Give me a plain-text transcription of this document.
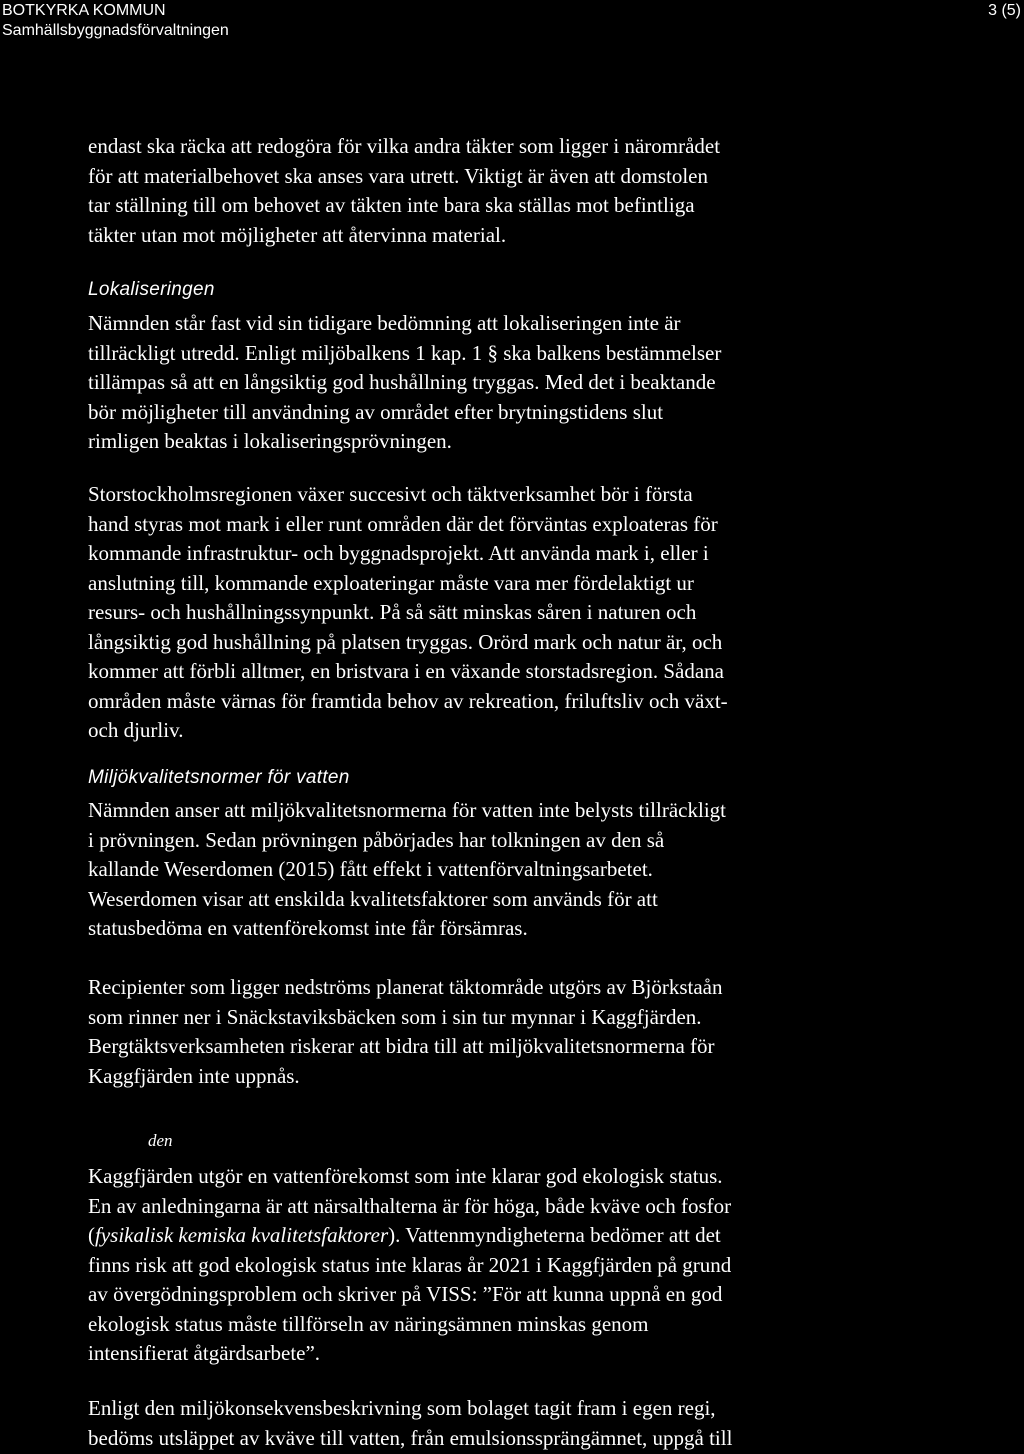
BOTKYRKA KOMMUN
Samhällsbyggnadsförvaltningen
3 (5)

endast ska räcka att redogöra för vilka andra täkter som ligger i närområdet
för att materialbehovet ska anses vara utrett. Viktigt är även att domstolen
tar ställning till om behovet av täkten inte bara ska ställas mot befintliga
täkter utan mot möjligheter att återvinna material.

Lokaliseringen

Nämnden står fast vid sin tidigare bedömning att lokaliseringen inte är
tillräckligt utredd. Enligt miljöbalkens 1 kap. 1 § ska balkens bestämmelser
tillämpas så att en långsiktig god hushållning tryggas. Med det i beaktande
bör möjligheter till användning av området efter brytningstidens slut
rimligen beaktas i lokaliseringsprövningen.

Storstockholmsregionen växer succesivt och täktverksamhet bör i första
hand styras mot mark i eller runt områden där det förväntas exploateras för
kommande infrastruktur- och byggnadsprojekt. Att använda mark i, eller i
anslutning till, kommande exploateringar måste vara mer fördelaktigt ur
resurs- och hushållningssynpunkt. På så sätt minskas såren i naturen och
långsiktig god hushållning på platsen tryggas. Orörd mark och natur är, och
kommer att förbli alltmer, en bristvara i en växande storstadsregion. Sådana
områden måste värnas för framtida behov av rekreation, friluftsliv och växt-
och djurliv.

Miljökvalitetsnormer för vatten

Nämnden anser att miljökvalitetsnormerna för vatten inte belysts tillräckligt
i prövningen. Sedan prövningen påbörjades har tolkningen av den så
kallande Weserdomen (2015) fått effekt i vattenförvaltningsarbetet.
Weserdomen visar att enskilda kvalitetsfaktorer som används för att
statusbedöma en vattenförekomst inte får försämras.

Recipienter som ligger nedströms planerat täktområde utgörs av Björkstaån
som rinner ner i Snäckstaviksbäcken som i sin tur mynnar i Kaggfjärden.
Bergtäktsverksamheten riskerar att bidra till att miljökvalitetsnormerna för
Kaggfjärden inte uppnås.

den

Kaggfjärden utgör en vattenförekomst som inte klarar god ekologisk status.
En av anledningarna är att närsalthalterna är för höga, både kväve och fosfor
(fysikalisk kemiska kvalitetsfaktorer). Vattenmyndigheterna bedömer att det
finns risk att god ekologisk status inte klaras år 2021 i Kaggfjärden på grund
av övergödningsproblem och skriver på VISS: ”För att kunna uppnå en god
ekologisk status måste tillförseln av näringsämnen minskas genom
intensifierat åtgärdsarbete”.

Enligt den miljökonsekvensbeskrivning som bolaget tagit fram i egen regi,
bedöms utsläppet av kväve till vatten, från emulsionssprängämnet, uppgå till
